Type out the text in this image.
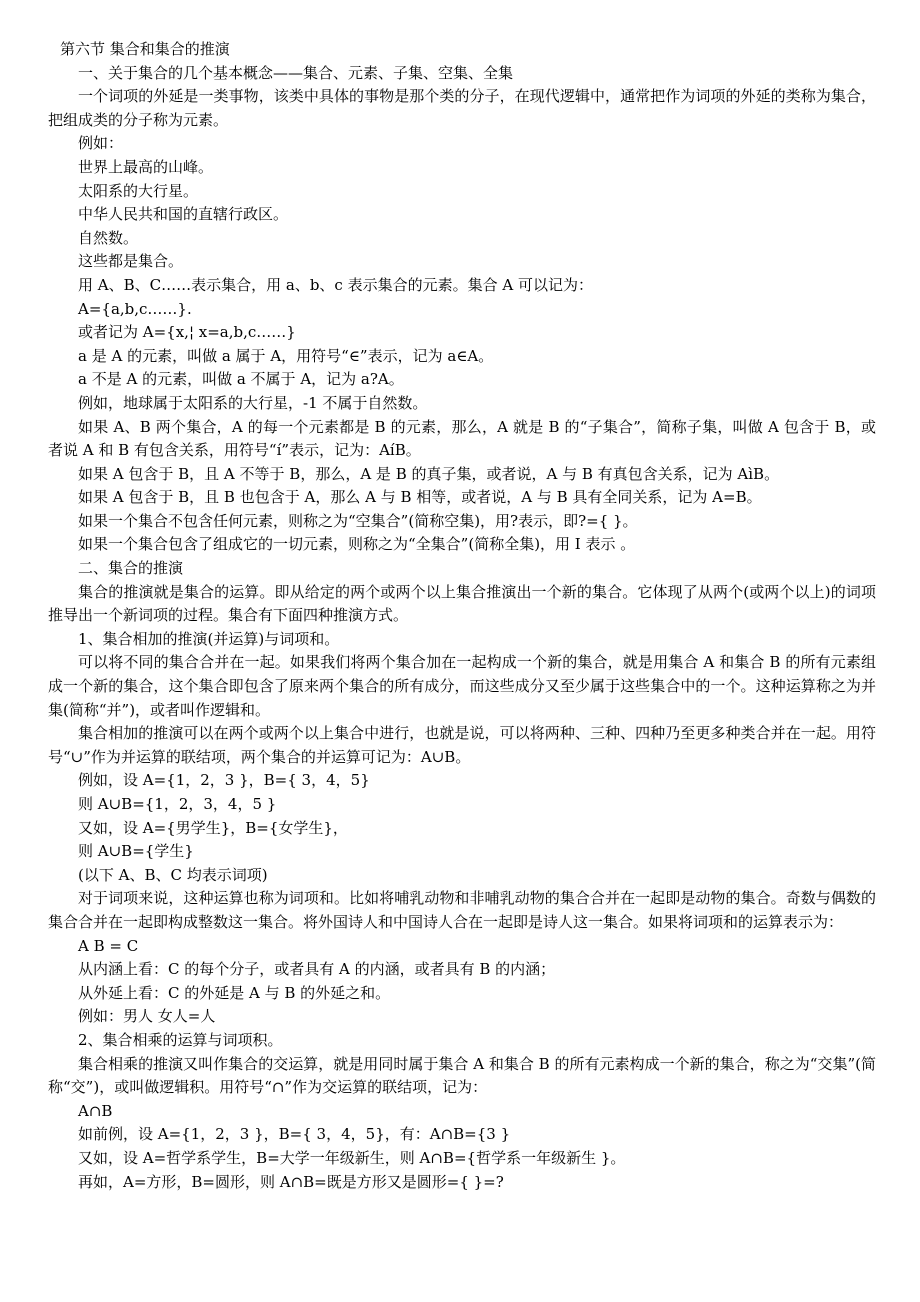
第六节 集合和集合的推演

一、关于集合的几个基本概念——集合、元素、子集、空集、全集

一个词项的外延是一类事物，该类中具体的事物是那个类的分子，在现代逻辑中，通常把作为词项的外延的类称为集合，把组成类的分子称为元素。

例如：

世界上最高的山峰。

太阳系的大行星。

中华人民共和国的直辖行政区。

自然数。

这些都是集合。

用 A、B、C……表示集合，用 a、b、c 表示集合的元素。集合 A 可以记为：

A={a,b,c……}.

或者记为 A={x,¦ x=a,b,c……}

a 是 A 的元素，叫做 a 属于 A，用符号“∈”表示，记为 a∈A。

a 不是 A 的元素，叫做 a 不属于 A，记为 a?A。

例如，地球属于太阳系的大行星，-1 不属于自然数。

如果 A、B 两个集合，A 的每一个元素都是 B 的元素，那么，A 就是 B 的“子集合”，简称子集，叫做 A 包含于 B，或者说 A 和 B 有包含关系，用符号“í”表示，记为：AíB。

如果 A 包含于 B，且 A 不等于 B，那么，A 是 B 的真子集，或者说，A 与 B 有真包含关系，记为 AìB。

如果 A 包含于 B，且 B 也包含于 A，那么 A 与 B 相等，或者说，A 与 B 具有全同关系，记为 A=B。

如果一个集合不包含任何元素，则称之为“空集合”(简称空集)，用?表示，即?={ }。

如果一个集合包含了组成它的一切元素，则称之为“全集合”(简称全集)，用 I 表示 。

二、集合的推演

集合的推演就是集合的运算。即从给定的两个或两个以上集合推演出一个新的集合。它体现了从两个(或两个以上)的词项推导出一个新词项的过程。集合有下面四种推演方式。

1、集合相加的推演(并运算)与词项和。

可以将不同的集合合并在一起。如果我们将两个集合加在一起构成一个新的集合，就是用集合 A 和集合 B 的所有元素组成一个新的集合，这个集合即包含了原来两个集合的所有成分，而这些成分又至少属于这些集合中的一个。这种运算称之为并集(简称“并”)，或者叫作逻辑和。

集合相加的推演可以在两个或两个以上集合中进行，也就是说，可以将两种、三种、四种乃至更多种类合并在一起。用符号“∪”作为并运算的联结项，两个集合的并运算可记为：A∪B。

例如，设 A={1，2，3 }，B={ 3，4，5}

则 A∪B={1，2，3，4，5 }

又如，设 A={男学生}，B={女学生}，

则 A∪B={学生}

(以下 A、B、C 均表示词项)

对于词项来说，这种运算也称为词项和。比如将哺乳动物和非哺乳动物的集合合并在一起即是动物的集合。奇数与偶数的集合合并在一起即构成整数这一集合。将外国诗人和中国诗人合在一起即是诗人这一集合。如果将词项和的运算表示为：

A B = C

从内涵上看：C 的每个分子，或者具有 A 的内涵，或者具有 B 的内涵；

从外延上看：C 的外延是 A 与 B 的外延之和。

例如：男人 女人=人

2、集合相乘的运算与词项积。

集合相乘的推演又叫作集合的交运算，就是用同时属于集合 A 和集合 B 的所有元素构成一个新的集合，称之为“交集”(简称“交”)，或叫做逻辑积。用符号“∩”作为交运算的联结项，记为：

A∩B

如前例，设 A={1，2，3 }，B={ 3，4，5}，有：A∩B={3 }

又如，设 A=哲学系学生，B=大学一年级新生，则 A∩B={哲学系一年级新生 }。

再如，A=方形，B=圆形，则 A∩B=既是方形又是圆形={ }=?
